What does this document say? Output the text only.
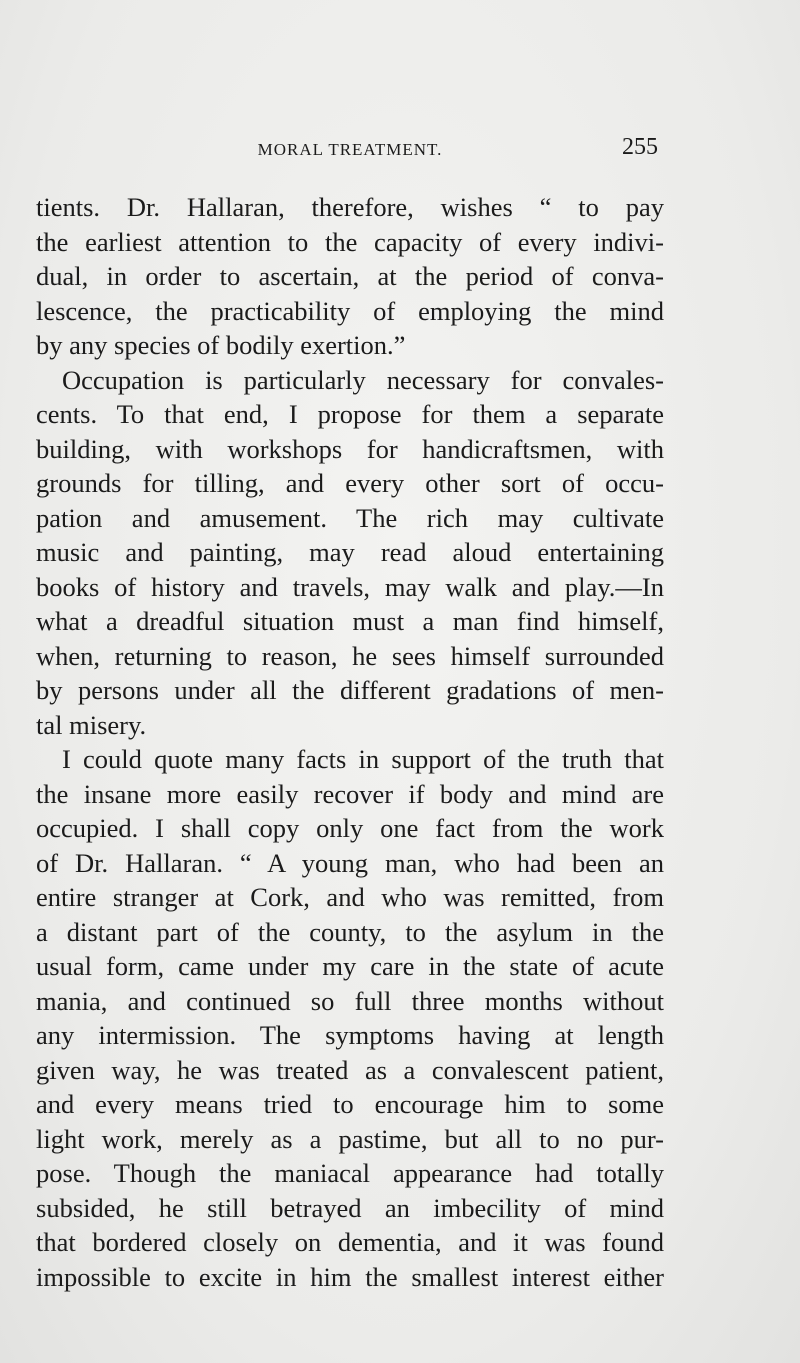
MORAL TREATMENT.	255
tients. Dr. Hallaran, therefore, wishes “ to pay
the earliest attention to the capacity of every indivi-
dual, in order to ascertain, at the period of conva-
lescence, the practicability of employing the mind
by any species of bodily exertion.”
Occupation is particularly necessary for convales-
cents. To that end, I propose for them a separate
building, with workshops for handicraftsmen, with
grounds for tilling, and every other sort of occu-
pation and amusement. The rich may cultivate
music and painting, may read aloud entertaining
books of history and travels, may walk and play.—In
what a dreadful situation must a man find himself,
when, returning to reason, he sees himself surrounded
by persons under all the different gradations of men-
tal misery.
I could quote many facts in support of the truth that
the insane more easily recover if body and mind are
occupied. I shall copy only one fact from the work
of Dr. Hallaran. “ A young man, who had been an
entire stranger at Cork, and who was remitted, from
a distant part of the county, to the asylum in the
usual form, came under my care in the state of acute
mania, and continued so full three months without
any intermission. The symptoms having at length
given way, he was treated as a convalescent patient,
and every means tried to encourage him to some
light work, merely as a pastime, but all to no pur-
pose. Though the maniacal appearance had totally
subsided, he still betrayed an imbecility of mind
that bordered closely on dementia, and it was found
impossible to excite in him the smallest interest either
